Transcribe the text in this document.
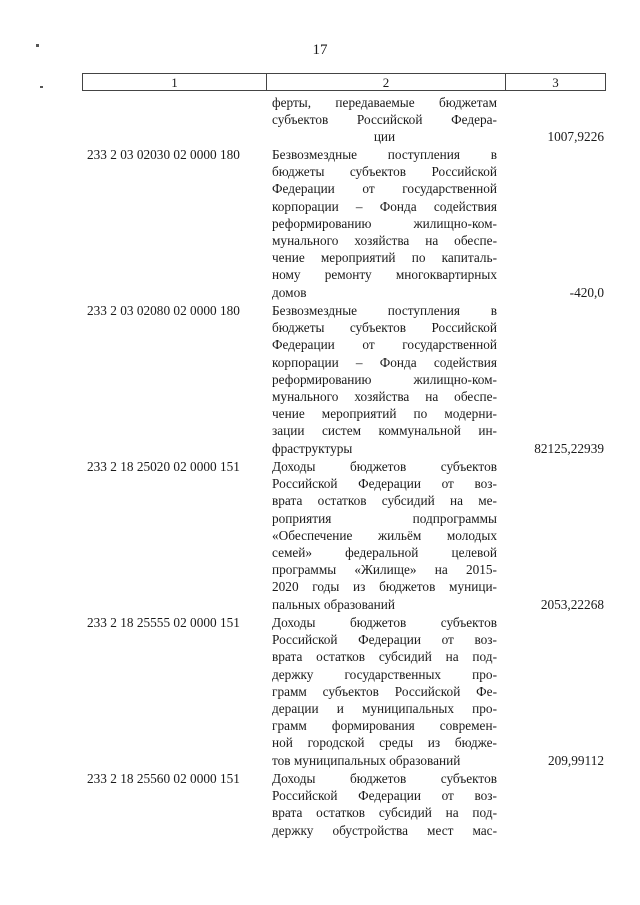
17
1	2	3
ферты, передаваемые бюджетам
субъектов Российской Федера-
ции	1007,9226
233 2 03 02030 02 0000 180	Безвозмездные поступления в
бюджеты субъектов Российской
Федерации от государственной
корпорации – Фонда содействия
реформированию жилищно-ком-
мунального хозяйства на обеспе-
чение мероприятий по капиталь-
ному ремонту многоквартирных
домов	-420,0
233 2 03 02080 02 0000 180	Безвозмездные поступления в
бюджеты субъектов Российской
Федерации от государственной
корпорации – Фонда содействия
реформированию жилищно-ком-
мунального хозяйства на обеспе-
чение мероприятий по модерни-
зации систем коммунальной ин-
фраструктуры	82125,22939
233 2 18 25020 02 0000 151	Доходы бюджетов субъектов
Российской Федерации от воз-
врата остатков субсидий на ме-
роприятия подпрограммы
«Обеспечение жильём молодых
семей» федеральной целевой
программы «Жилище» на 2015-
2020 годы из бюджетов муници-
пальных образований	2053,22268
233 2 18 25555 02 0000 151	Доходы бюджетов субъектов
Российской Федерации от воз-
врата остатков субсидий на под-
держку государственных про-
грамм субъектов Российской Фе-
дерации и муниципальных про-
грамм формирования современ-
ной городской среды из бюдже-
тов муниципальных образований	209,99112
233 2 18 25560 02 0000 151	Доходы бюджетов субъектов
Российской Федерации от воз-
врата остатков субсидий на под-
держку обустройства мест мас-
